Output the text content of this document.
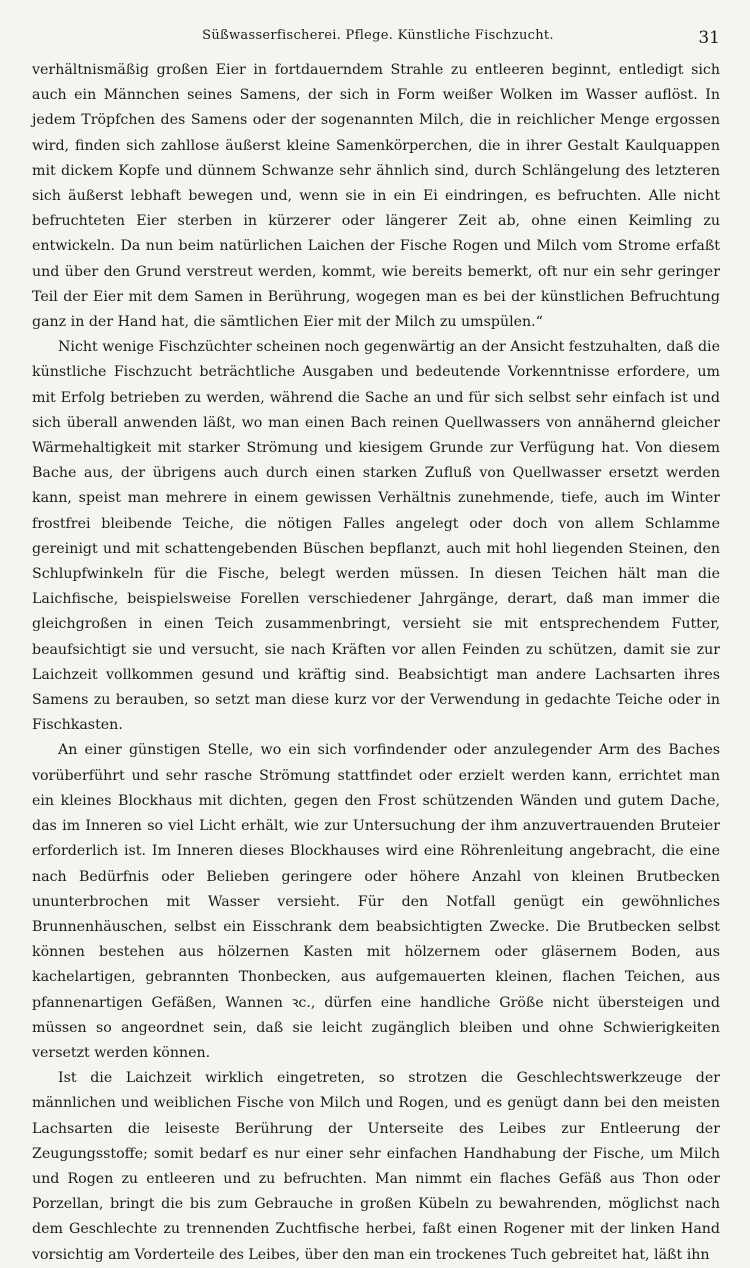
Süßwasserfischerei. Pflege. Künstliche Fischzucht.	31

verhältnismäßig großen Eier in fortdauerndem Strahle zu entleeren beginnt, entledigt sich auch ein Männchen seines Samens, der sich in Form weißer Wolken im Wasser auflöst. In jedem Tröpfchen des Samens oder der sogenannten Milch, die in reichlicher Menge ergossen wird, finden sich zahllose äußerst kleine Samenkörperchen, die in ihrer Gestalt Kaulquappen mit dickem Kopfe und dünnem Schwanze sehr ähnlich sind, durch Schlängelung des letzteren sich äußerst lebhaft bewegen und, wenn sie in ein Ei eindringen, es befruchten. Alle nicht befruchteten Eier sterben in kürzerer oder längerer Zeit ab, ohne einen Keimling zu entwickeln. Da nun beim natürlichen Laichen der Fische Rogen und Milch vom Strome erfaßt und über den Grund verstreut werden, kommt, wie bereits bemerkt, oft nur ein sehr geringer Teil der Eier mit dem Samen in Berührung, wogegen man es bei der künstlichen Befruchtung ganz in der Hand hat, die sämtlichen Eier mit der Milch zu umspülen.“

Nicht wenige Fischzüchter scheinen noch gegenwärtig an der Ansicht festzuhalten, daß die künstliche Fischzucht beträchtliche Ausgaben und bedeutende Vorkenntnisse erfordere, um mit Erfolg betrieben zu werden, während die Sache an und für sich selbst sehr einfach ist und sich überall anwenden läßt, wo man einen Bach reinen Quellwassers von annähernd gleicher Wärmehaltigkeit mit starker Strömung und kiesigem Grunde zur Verfügung hat. Von diesem Bache aus, der übrigens auch durch einen starken Zufluß von Quellwasser ersetzt werden kann, speist man mehrere in einem gewissen Verhältnis zunehmende, tiefe, auch im Winter frostfrei bleibende Teiche, die nötigen Falles angelegt oder doch von allem Schlamme gereinigt und mit schattengebenden Büschen bepflanzt, auch mit hohl liegenden Steinen, den Schlupfwinkeln für die Fische, belegt werden müssen. In diesen Teichen hält man die Laichfische, beispielsweise Forellen verschiedener Jahrgänge, derart, daß man immer die gleichgroßen in einen Teich zusammenbringt, versieht sie mit entsprechendem Futter, beaufsichtigt sie und versucht, sie nach Kräften vor allen Feinden zu schützen, damit sie zur Laichzeit vollkommen gesund und kräftig sind. Beabsichtigt man andere Lachsarten ihres Samens zu berauben, so setzt man diese kurz vor der Verwendung in gedachte Teiche oder in Fischkasten.

An einer günstigen Stelle, wo ein sich vorfindender oder anzulegender Arm des Baches vorüberführt und sehr rasche Strömung stattfindet oder erzielt werden kann, errichtet man ein kleines Blockhaus mit dichten, gegen den Frost schützenden Wänden und gutem Dache, das im Inneren so viel Licht erhält, wie zur Untersuchung der ihm anzuvertrauenden Bruteier erforderlich ist. Im Inneren dieses Blockhauses wird eine Röhrenleitung angebracht, die eine nach Bedürfnis oder Belieben geringere oder höhere Anzahl von kleinen Brutbecken ununterbrochen mit Wasser versieht. Für den Notfall genügt ein gewöhnliches Brunnenhäuschen, selbst ein Eisschrank dem beabsichtigten Zwecke. Die Brutbecken selbst können bestehen aus hölzernen Kasten mit hölzernem oder gläsernem Boden, aus kachelartigen, gebrannten Thonbecken, aus aufgemauerten kleinen, flachen Teichen, aus pfannenartigen Gefäßen, Wannen ꝛc., dürfen eine handliche Größe nicht übersteigen und müssen so angeordnet sein, daß sie leicht zugänglich bleiben und ohne Schwierigkeiten versetzt werden können.

Ist die Laichzeit wirklich eingetreten, so strotzen die Geschlechtswerkzeuge der männlichen und weiblichen Fische von Milch und Rogen, und es genügt dann bei den meisten Lachsarten die leiseste Berührung der Unterseite des Leibes zur Entleerung der Zeugungsstoffe; somit bedarf es nur einer sehr einfachen Handhabung der Fische, um Milch und Rogen zu entleeren und zu befruchten. Man nimmt ein flaches Gefäß aus Thon oder Porzellan, bringt die bis zum Gebrauche in großen Kübeln zu bewahrenden, möglichst nach dem Geschlechte zu trennenden Zuchtfische herbei, faßt einen Rogener mit der linken Hand vorsichtig am Vorderteile des Leibes, über den man ein trockenes Tuch gebreitet hat, läßt ihn
